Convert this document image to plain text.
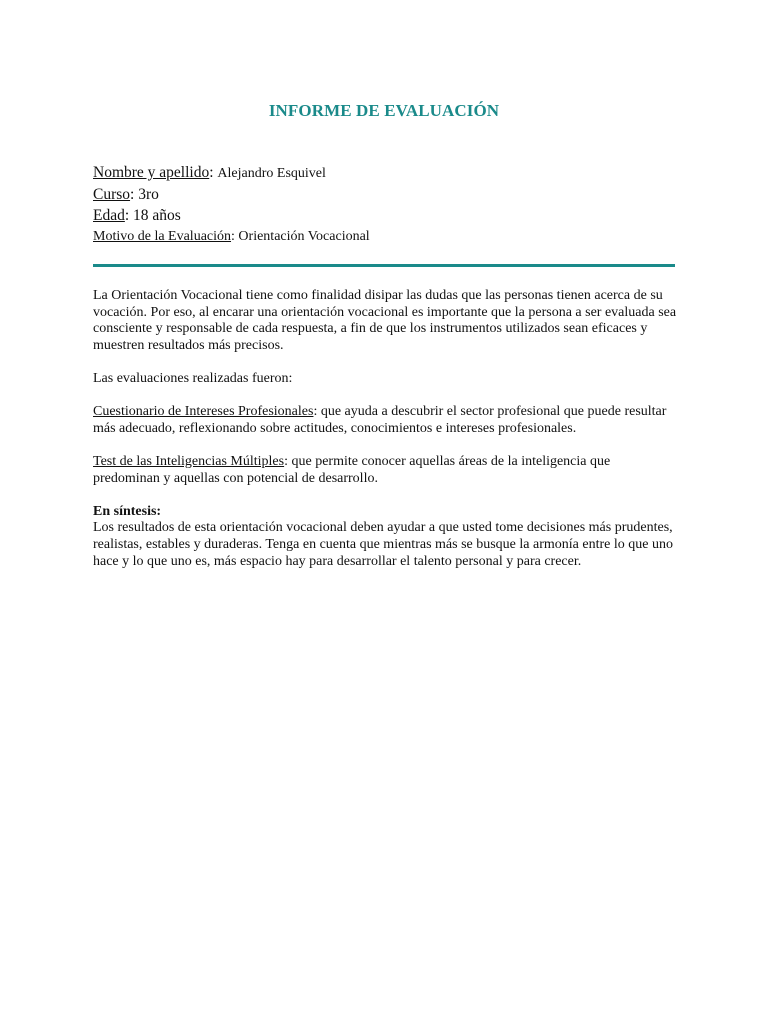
INFORME DE EVALUACIÓN
Nombre y apellido: Alejandro Esquivel
Curso: 3ro
Edad: 18 años
Motivo de la Evaluación: Orientación Vocacional

La Orientación Vocacional tiene como finalidad disipar las dudas que las personas tienen acerca de su vocación. Por eso, al encarar una orientación vocacional es importante que la persona a ser evaluada sea consciente y responsable de cada respuesta, a fin de que los instrumentos utilizados sean eficaces y muestren resultados más precisos.

Las evaluaciones realizadas fueron:

Cuestionario de Intereses Profesionales: que ayuda a descubrir el sector profesional que puede resultar más adecuado, reflexionando sobre actitudes, conocimientos e intereses profesionales.

Test de las Inteligencias Múltiples: que permite conocer aquellas áreas de la inteligencia que predominan y aquellas con potencial de desarrollo.

En síntesis:

Los resultados de esta orientación vocacional deben ayudar a que usted tome decisiones más prudentes, realistas, estables y duraderas. Tenga en cuenta que mientras más se busque la armonía entre lo que uno hace y lo que uno es, más espacio hay para desarrollar el talento personal y para crecer.
